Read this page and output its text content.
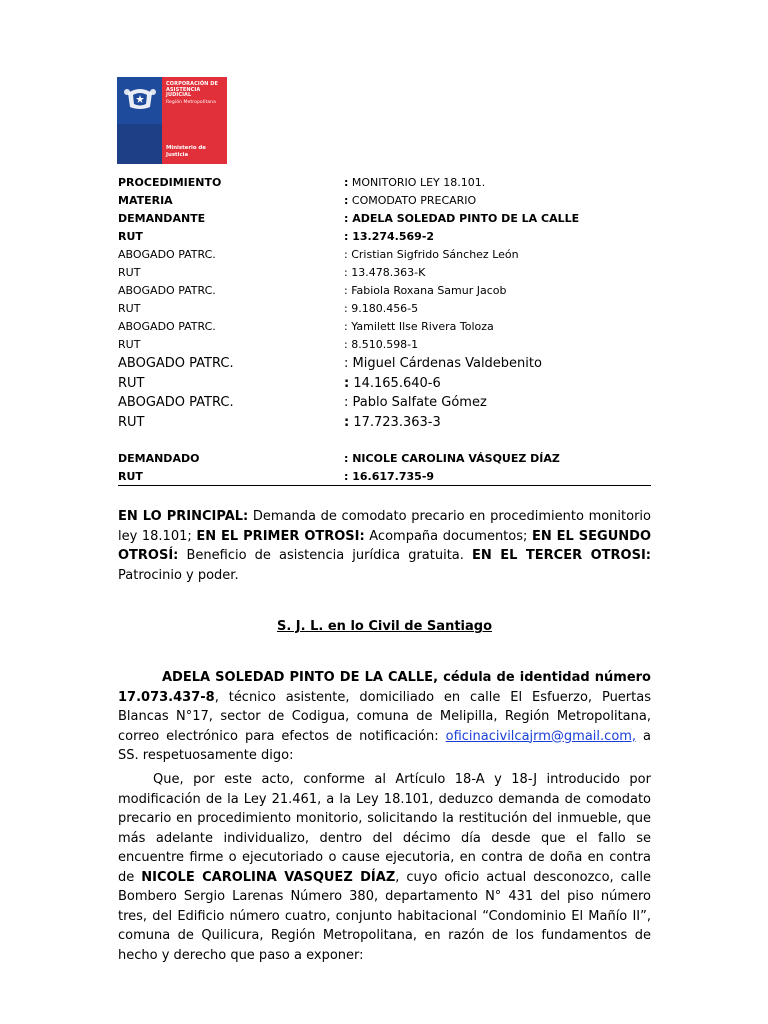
CORPORACIÓN DE
ASISTENCIA
JUDICIAL
Región Metropolitana
Ministerio de
Justicia
PROCEDIMIENTO	: MONITORIO LEY 18.101.
MATERIA	: COMODATO PRECARIO
DEMANDANTE	: ADELA SOLEDAD PINTO DE LA CALLE
RUT	: 13.274.569-2
ABOGADO PATRC.	: Cristian Sigfrido Sánchez León
RUT	: 13.478.363-K
ABOGADO PATRC.	: Fabiola Roxana Samur Jacob
RUT	: 9.180.456-5
ABOGADO PATRC.	: Yamilett Ilse Rivera Toloza
RUT	: 8.510.598-1
ABOGADO PATRC.	: Miguel Cárdenas Valdebenito
RUT	: 14.165.640-6
ABOGADO PATRC.	: Pablo Salfate Gómez
RUT	: 17.723.363-3
DEMANDADO	: NICOLE CAROLINA VÁSQUEZ DÍAZ
RUT	: 16.617.735-9
EN LO PRINCIPAL: Demanda de comodato precario en procedimiento monitorio ley 18.101; EN EL PRIMER OTROSI: Acompaña documentos; EN EL SEGUNDO OTROSÍ: Beneficio de asistencia jurídica gratuita. EN EL TERCER OTROSI: Patrocinio y poder.
S. J. L. en lo Civil de Santiago
ADELA SOLEDAD PINTO DE LA CALLE, cédula de identidad número 17.073.437-8, técnico asistente, domiciliado en calle El Esfuerzo, Puertas Blancas N°17, sector de Codigua, comuna de Melipilla, Región Metropolitana, correo electrónico para efectos de notificación: oficinacivilcajrm@gmail.com, a SS. respetuosamente digo:
Que, por este acto, conforme al Artículo 18-A y 18-J introducido por modificación de la Ley 21.461, a la Ley 18.101, deduzco demanda de comodato precario en procedimiento monitorio, solicitando la restitución del inmueble, que más adelante individualizo, dentro del décimo día desde que el fallo se encuentre firme o ejecutoriado o cause ejecutoria, en contra de doña en contra de NICOLE CAROLINA VASQUEZ DÍAZ, cuyo oficio actual desconozco, calle Bombero Sergio Larenas Número 380, departamento N° 431 del piso número tres, del Edificio número cuatro, conjunto habitacional “Condominio El Mañío II”, comuna de Quilicura, Región Metropolitana, en razón de los fundamentos de hecho y derecho que paso a exponer:
